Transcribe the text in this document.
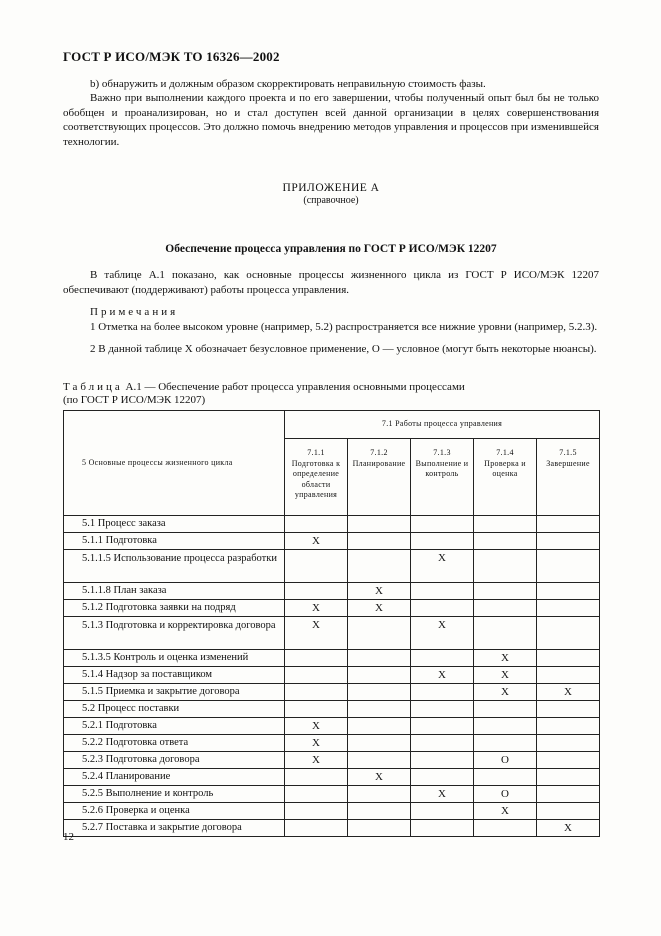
ГОСТ Р ИСО/МЭК ТО 16326—2002
b) обнаружить и должным образом скорректировать неправильную стоимость фазы.
Важно при выполнении каждого проекта и по его завершении, чтобы полученный опыт был бы не только обобщен и проанализирован, но и стал доступен всей данной организации в целях совершенствования соответствующих процессов. Это должно помочь внедрению методов управления и процессов при изменившейся технологии.
ПРИЛОЖЕНИЕ А
(справочное)
Обеспечение процесса управления по ГОСТ Р ИСО/МЭК 12207
В таблице А.1 показано, как основные процессы жизненного цикла из ГОСТ Р ИСО/МЭК 12207 обеспечивают (поддерживают) работы процесса управления.
Примечания
1 Отметка на более высоком уровне (например, 5.2) распространяется все нижние уровни (например, 5.2.3).
2 В данной таблице X обозначает безусловное применение, О — условное (могут быть некоторые нюансы).
Таблица А.1 — Обеспечение работ процесса управления основными процессами
(по ГОСТ Р ИСО/МЭК 12207)
5 Основные процессы жизненного цикла	7.1 Работы процесса управления				
	7.1.1 Подготовка к определение области управления	7.1.2 Планирование	7.1.3 Выполнение и контроль	7.1.4 Проверка и оценка	7.1.5 Завершение
5.1 Процесс заказа					
5.1.1 Подготовка	X				
5.1.1.5 Использование процесса разработки			X		
5.1.1.8 План заказа		X			
5.1.2 Подготовка заявки на подряд	X	X			
5.1.3 Подготовка и корректировка договора	X		X		
5.1.3.5 Контроль и оценка изменений				X	
5.1.4 Надзор за поставщиком			X	X	
5.1.5 Приемка и закрытие договора				X	X
5.2 Процесс поставки					
5.2.1 Подготовка	X				
5.2.2 Подготовка ответа	X				
5.2.3 Подготовка договора	X			О	
5.2.4 Планирование		X			
5.2.5 Выполнение и контроль			X	О	
5.2.6 Проверка и оценка				X	
5.2.7 Поставка и закрытие договора					X
12
